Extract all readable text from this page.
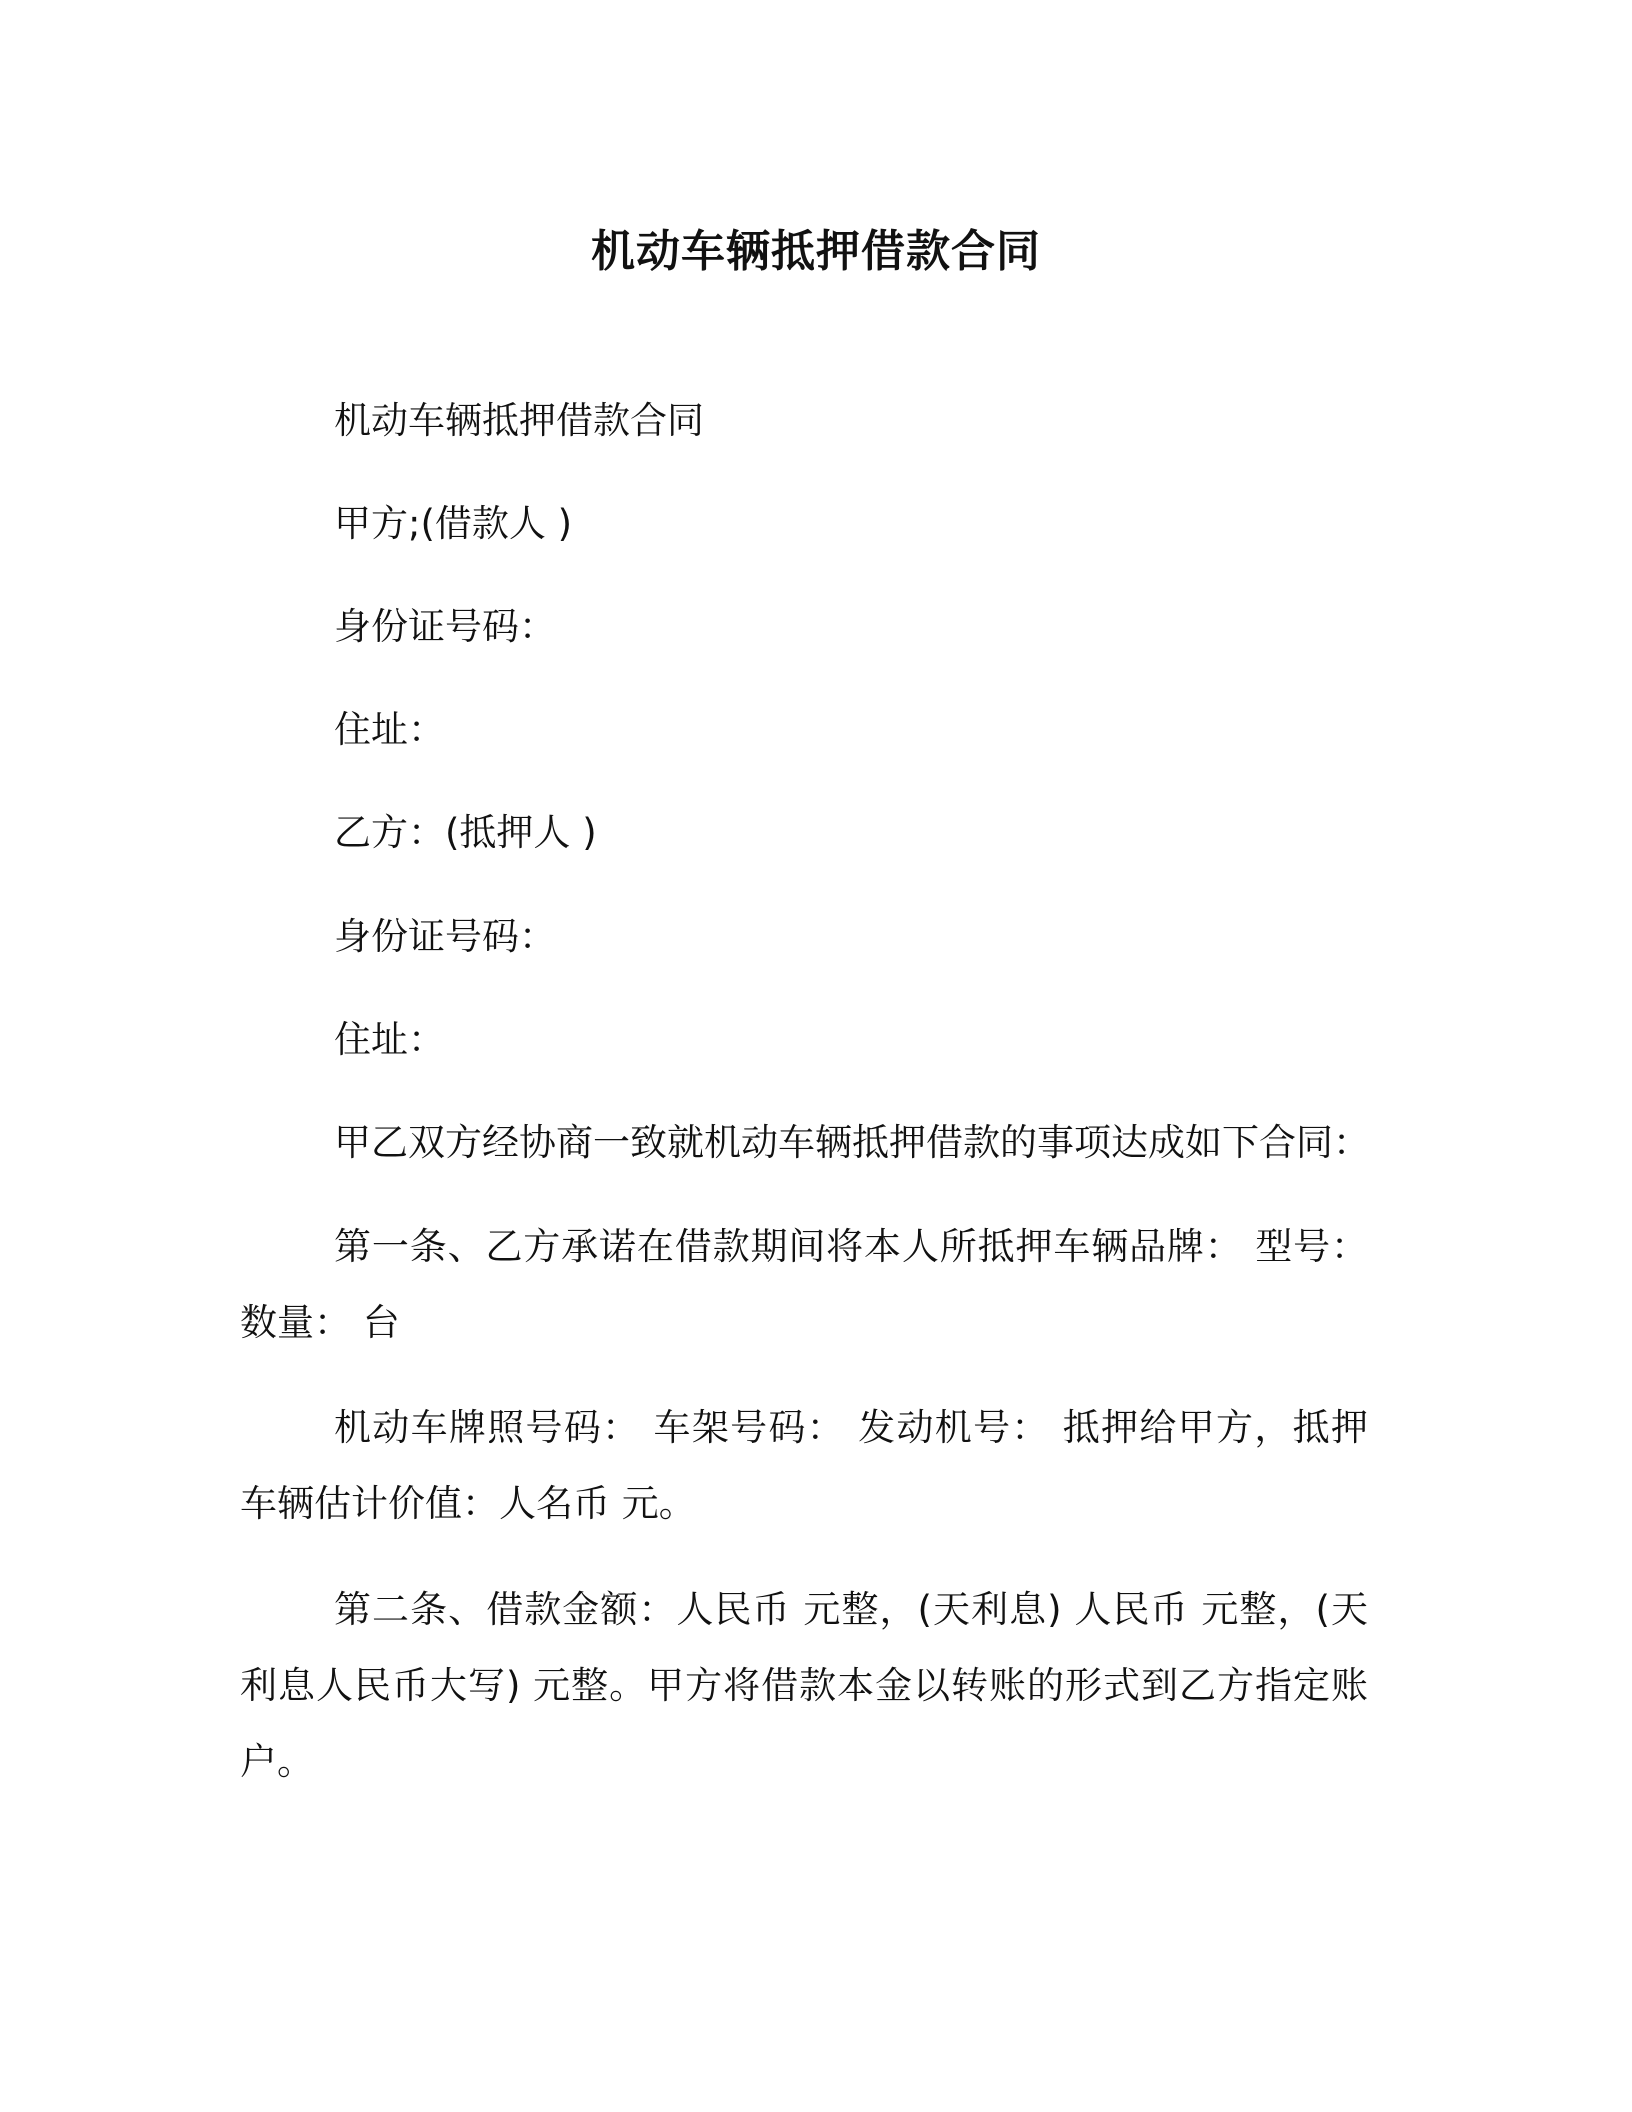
机动车辆抵押借款合同

机动车辆抵押借款合同

甲方;(借款人 )

身份证号码：

住址：

乙方：(抵押人 )

身份证号码：

住址：

甲乙双方经协商一致就机动车辆抵押借款的事项达成如下合同：

第一条、乙方承诺在借款期间将本人所抵押车辆品牌： 型号： 数量： 台

机动车牌照号码： 车架号码： 发动机号： 抵押给甲方，抵押车辆估计价值：人名币 元。

第二条、借款金额：人民币 元整，(天利息) 人民币 元整，(天利息人民币大写) 元整。甲方将借款本金以转账的形式到乙方指定账户。
